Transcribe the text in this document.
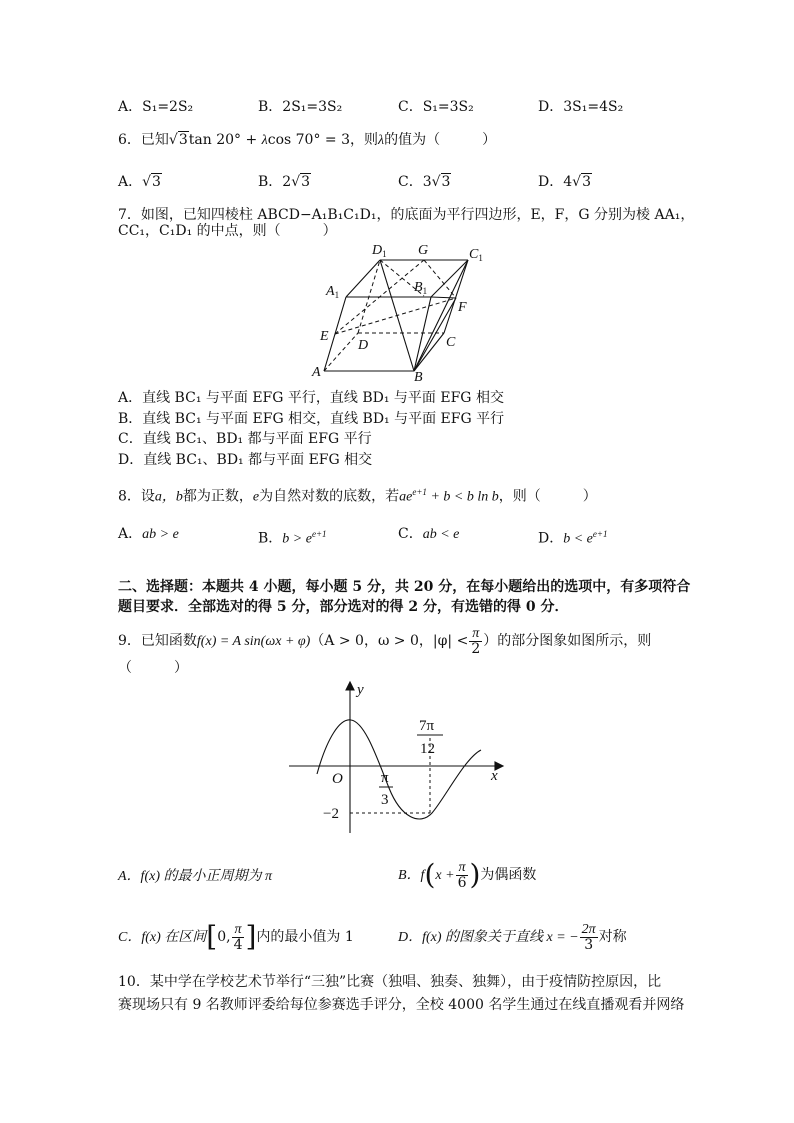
A．S₁=2S₂	B．2S₁=3S₂	C．S₁=3S₂	D．3S₁=4S₂
6．已知√3tan 20° + λcos 70° = 3，则λ的值为（　　　）
A．√3	B．2√3	C．3√3	D．4√3
7．如图，已知四棱柱 ABCD−A₁B₁C₁D₁，的底面为平行四边形，E，F，G 分别为棱 AA₁，
CC₁，C₁D₁ 的中点，则（　　　）
$D_1$ G	$C_1$
$A_1$	$B_1$
F
E
D	C
A	B
A．直线 BC₁ 与平面 EFG 平行，直线 BD₁ 与平面 EFG 相交
B．直线 BC₁ 与平面 EFG 相交，直线 BD₁ 与平面 EFG 平行
C．直线 BC₁、BD₁ 都与平面 EFG 平行
D．直线 BC₁、BD₁ 都与平面 EFG 相交
8．设a，b都为正数，e为自然对数的底数，若$ae^{e+1} + b < b$ ln b，则（　　　）
A．ab > e	B．$b > e^{e+1}$	C．ab < e	D．$b < e^{e+1}$
二、选择题：本题共 4 小题，每小题 5 分，共 20 分，在每小题给出的选项中，有多项符合
题目要求．全部选对的得 5 分，部分选对的得 2 分，有选错的得 0 分．
9．已知函数f(x) = A sin(ωx + φ)（A > 0，ω > 0，$|\varphi| < \frac{\pi}{2}$ ）的部分图象如图所示，则
（　　　）
y
x
O
7π
12
π
3
−2
A．f(x) 的最小正周期为 π	B．$f(x + \frac{\pi}{6}$ )为偶函数
C．f(x) 在区间[0, $\frac{\pi}{4}$ ]内的最小值为 1	D．f(x) 的图象关于直线 x = − $\frac{2\pi}{3}$ 对称
10．某中学在学校艺术节举行“三独”比赛（独唱、独奏、独舞），由于疫情防控原因，比
赛现场只有 9 名教师评委给每位参赛选手评分，全校 4000 名学生通过在线直播观看并网络
